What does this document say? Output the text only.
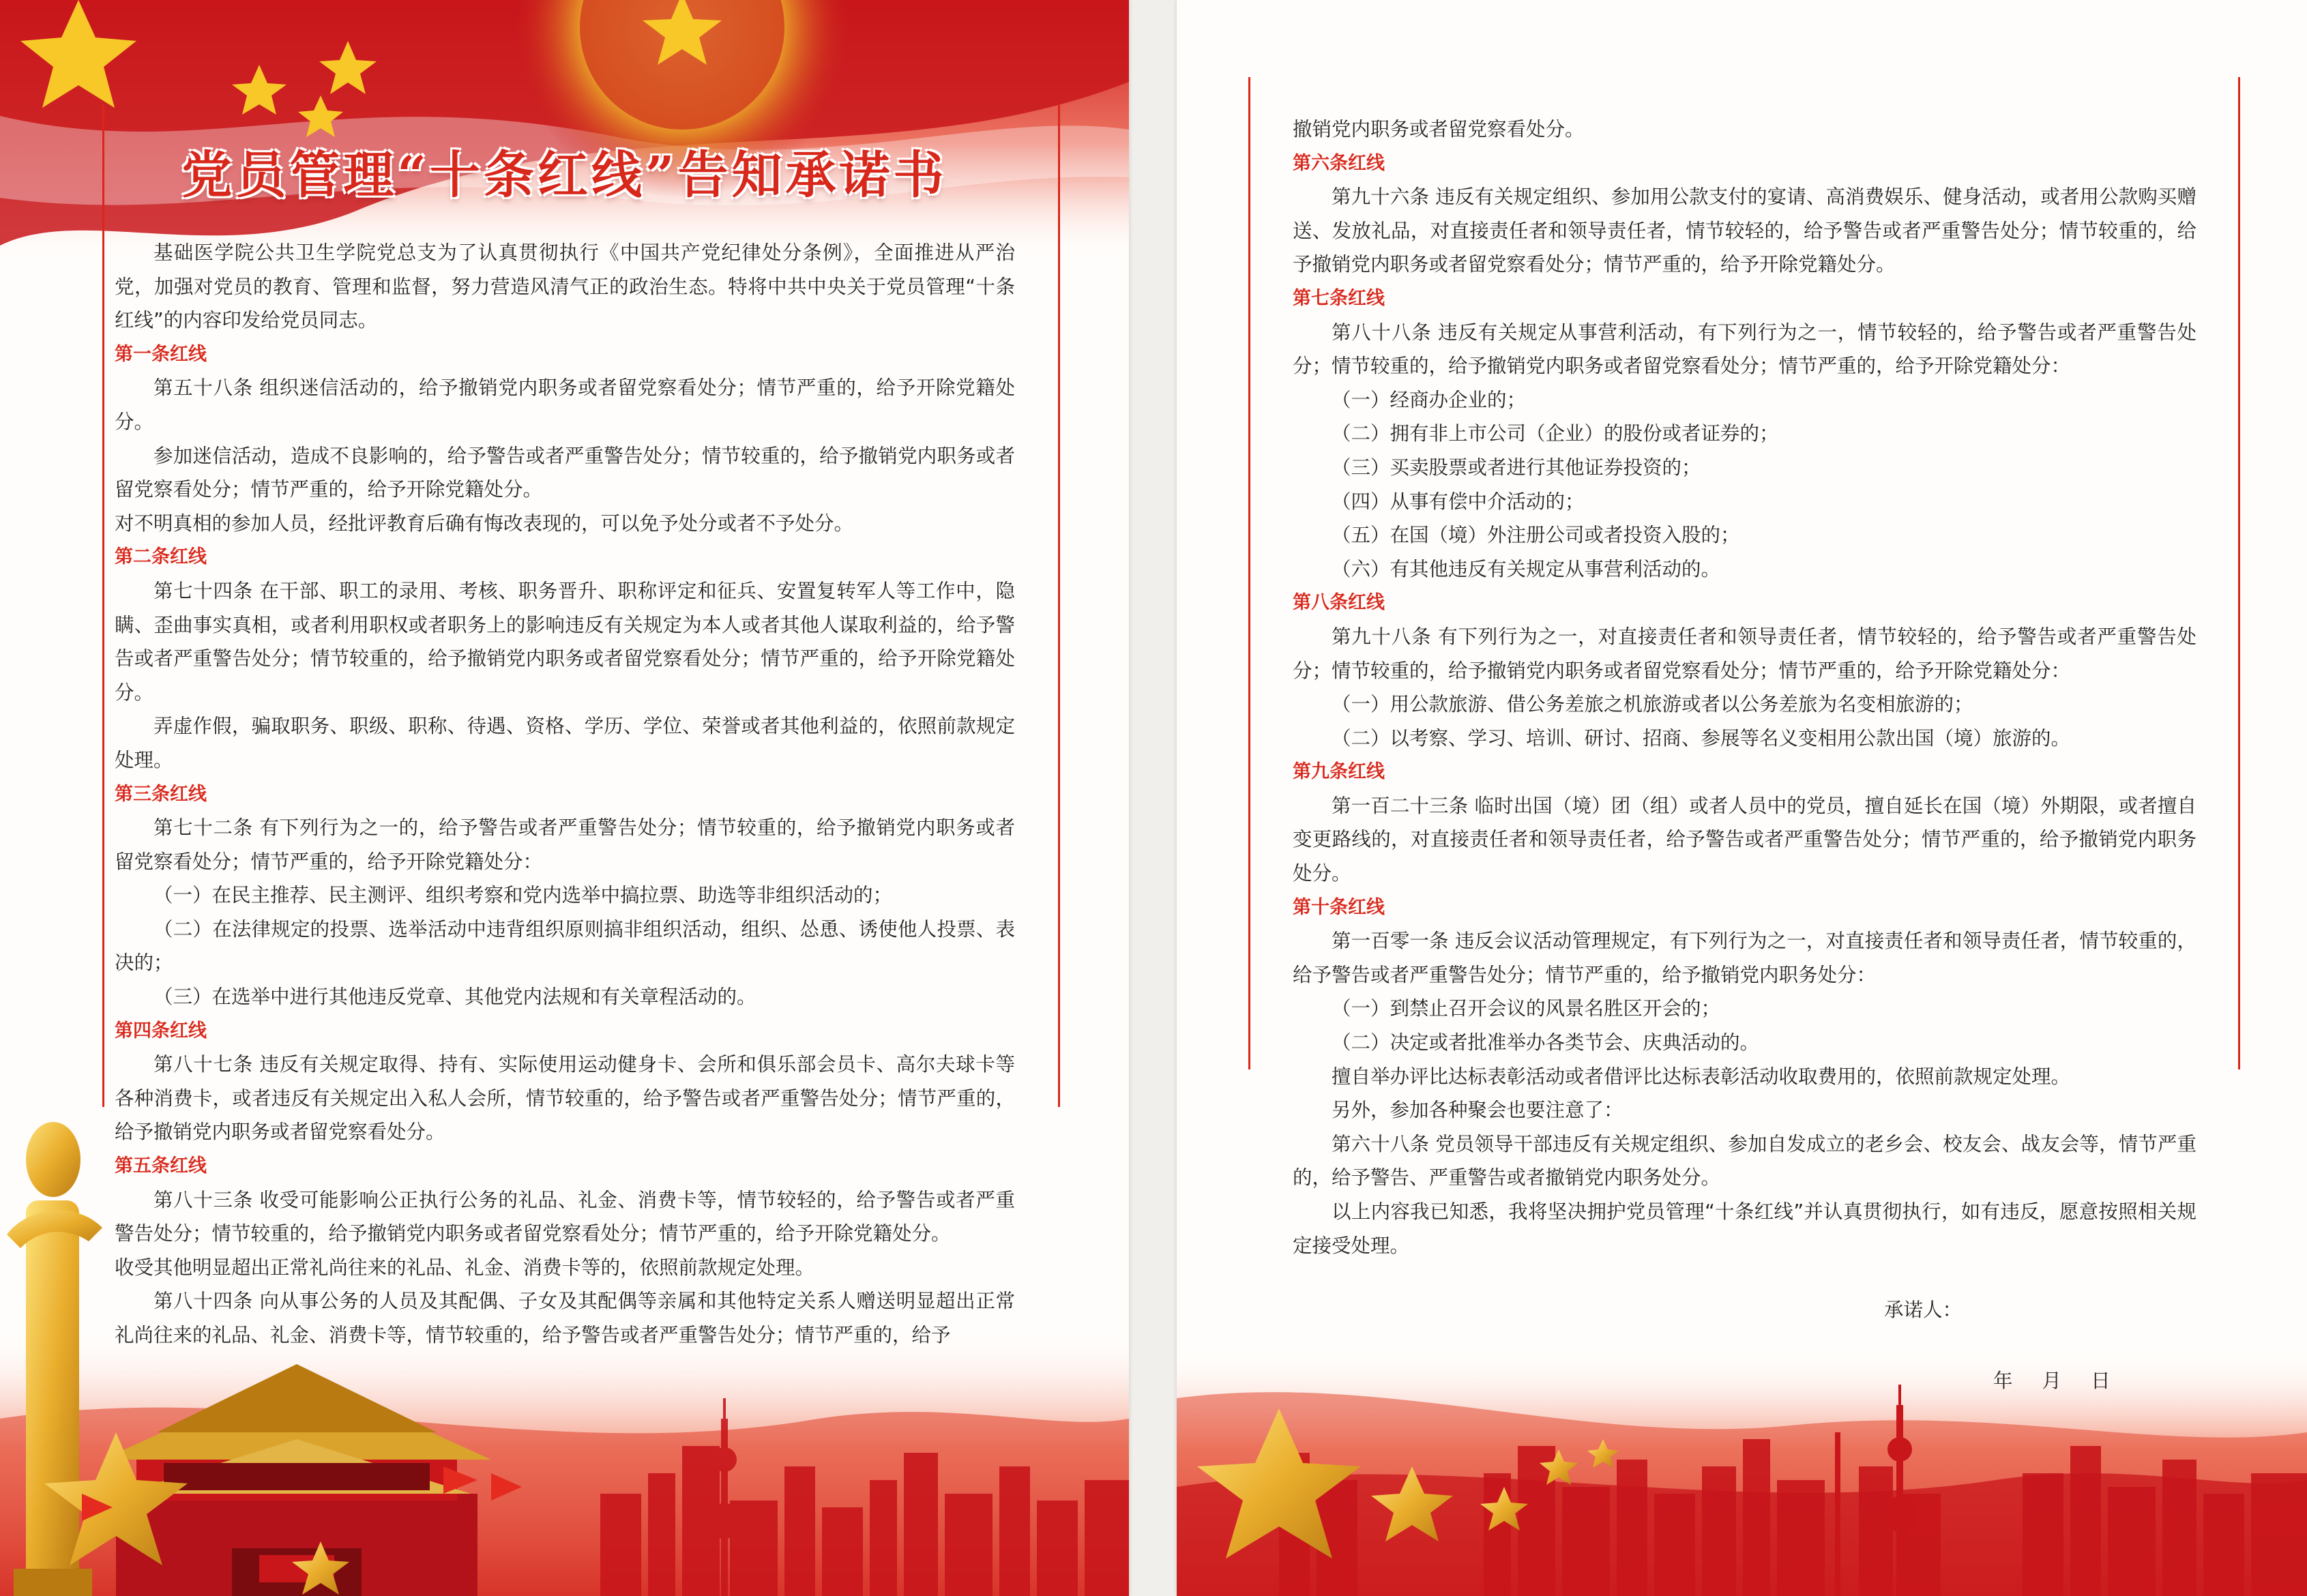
党员管理“十条红线”告知承诺书

基础医学院公共卫生学院党总支为了认真贯彻执行《中国共产党纪律处分条例》，全面推进从严治党，加强对党员的教育、管理和监督，努力营造风清气正的政治生态。特将中共中央关于党员管理“十条红线”的内容印发给党员同志。

第一条红线

第五十八条 组织迷信活动的，给予撤销党内职务或者留党察看处分；情节严重的，给予开除党籍处分。

参加迷信活动，造成不良影响的，给予警告或者严重警告处分；情节较重的，给予撤销党内职务或者留党察看处分；情节严重的，给予开除党籍处分。

对不明真相的参加人员，经批评教育后确有悔改表现的，可以免予处分或者不予处分。

第二条红线

第七十四条 在干部、职工的录用、考核、职务晋升、职称评定和征兵、安置复转军人等工作中，隐瞒、歪曲事实真相，或者利用职权或者职务上的影响违反有关规定为本人或者其他人谋取利益的，给予警告或者严重警告处分；情节较重的，给予撤销党内职务或者留党察看处分；情节严重的，给予开除党籍处分。

弄虚作假，骗取职务、职级、职称、待遇、资格、学历、学位、荣誉或者其他利益的，依照前款规定处理。

第三条红线

第七十二条 有下列行为之一的，给予警告或者严重警告处分；情节较重的，给予撤销党内职务或者留党察看处分；情节严重的，给予开除党籍处分：

（一）在民主推荐、民主测评、组织考察和党内选举中搞拉票、助选等非组织活动的；

（二）在法律规定的投票、选举活动中违背组织原则搞非组织活动，组织、怂恿、诱使他人投票、表决的；

（三）在选举中进行其他违反党章、其他党内法规和有关章程活动的。

第四条红线

第八十七条 违反有关规定取得、持有、实际使用运动健身卡、会所和俱乐部会员卡、高尔夫球卡等各种消费卡，或者违反有关规定出入私人会所，情节较重的，给予警告或者严重警告处分；情节严重的，给予撤销党内职务或者留党察看处分。

第五条红线

第八十三条 收受可能影响公正执行公务的礼品、礼金、消费卡等，情节较轻的，给予警告或者严重警告处分；情节较重的，给予撤销党内职务或者留党察看处分；情节严重的，给予开除党籍处分。

收受其他明显超出正常礼尚往来的礼品、礼金、消费卡等的，依照前款规定处理。

第八十四条 向从事公务的人员及其配偶、子女及其配偶等亲属和其他特定关系人赠送明显超出正常礼尚往来的礼品、礼金、消费卡等，情节较重的，给予警告或者严重警告处分；情节严重的，给予

撤销党内职务或者留党察看处分。

第六条红线

第九十六条 违反有关规定组织、参加用公款支付的宴请、高消费娱乐、健身活动，或者用公款购买赠送、发放礼品，对直接责任者和领导责任者，情节较轻的，给予警告或者严重警告处分；情节较重的，给予撤销党内职务或者留党察看处分；情节严重的，给予开除党籍处分。

第七条红线

第八十八条 违反有关规定从事营利活动，有下列行为之一，情节较轻的，给予警告或者严重警告处分；情节较重的，给予撤销党内职务或者留党察看处分；情节严重的，给予开除党籍处分：

（一）经商办企业的；

（二）拥有非上市公司（企业）的股份或者证券的；

（三）买卖股票或者进行其他证券投资的；

（四）从事有偿中介活动的；

（五）在国（境）外注册公司或者投资入股的；

（六）有其他违反有关规定从事营利活动的。

第八条红线

第九十八条 有下列行为之一，对直接责任者和领导责任者，情节较轻的，给予警告或者严重警告处分；情节较重的，给予撤销党内职务或者留党察看处分；情节严重的，给予开除党籍处分：

（一）用公款旅游、借公务差旅之机旅游或者以公务差旅为名变相旅游的；

（二）以考察、学习、培训、研讨、招商、参展等名义变相用公款出国（境）旅游的。

第九条红线

第一百二十三条 临时出国（境）团（组）或者人员中的党员，擅自延长在国（境）外期限，或者擅自变更路线的，对直接责任者和领导责任者，给予警告或者严重警告处分；情节严重的，给予撤销党内职务处分。

第十条红线

第一百零一条 违反会议活动管理规定，有下列行为之一，对直接责任者和领导责任者，情节较重的，给予警告或者严重警告处分；情节严重的，给予撤销党内职务处分：

（一）到禁止召开会议的风景名胜区开会的；

（二）决定或者批准举办各类节会、庆典活动的。

擅自举办评比达标表彰活动或者借评比达标表彰活动收取费用的，依照前款规定处理。

另外，参加各种聚会也要注意了：

第六十八条 党员领导干部违反有关规定组织、参加自发成立的老乡会、校友会、战友会等，情节严重的，给予警告、严重警告或者撤销党内职务处分。

以上内容我已知悉，我将坚决拥护党员管理“十条红线”并认真贯彻执行，如有违反，愿意按照相关规定接受处理。

承诺人：
年 月 日
